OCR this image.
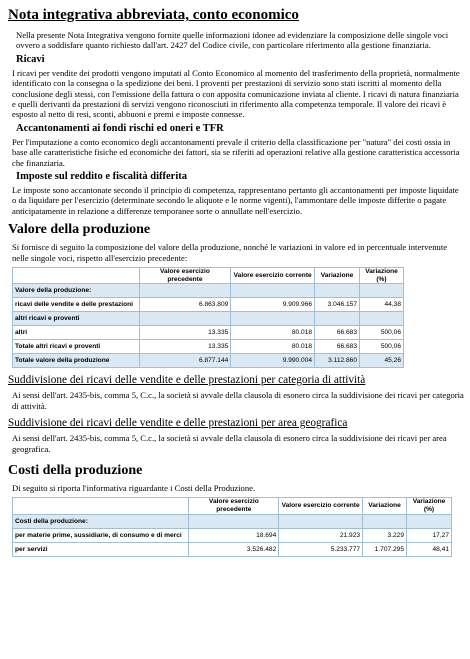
Nota integrativa abbreviata, conto economico

Nella presente Nota Integrativa vengono fornite quelle informazioni idonee ad evidenziare la composizione delle singole voci ovvero a soddisfare quanto richiesto dall'art. 2427 del Codice civile, con particolare riferimento alla gestione finanziaria.

Ricavi

I ricavi per vendite dei prodotti vengono imputati al Conto Economico al momento del trasferimento della proprietà, normalmente identificato con la consegna o la spedizione dei beni. I proventi per prestazioni di servizio sono stati iscritti al momento della conclusione degli stessi, con l'emissione della fattura o con apposita comunicazione inviata al cliente. I ricavi di natura finanziaria e quelli derivanti da prestazioni di servizi vengono riconosciuti in riferimento alla competenza temporale. Il valore dei ricavi è esposto al netto di resi, sconti, abbuoni e premi e imposte connesse.

Accantonamenti ai fondi rischi ed oneri e TFR

Per l'imputazione a conto economico degli accantonamenti prevale il criterio della classificazione per "natura" dei costi ossia in base alle caratteristiche fisiche ed economiche dei fattori, sia se riferiti ad operazioni relative alla gestione caratteristica accessoria che finanziaria.

Imposte sul reddito e fiscalità differita

Le imposte sono accantonate secondo il principio di competenza, rappresentano pertanto gli accantonamenti per imposte liquidate o da liquidare per l'esercizio (determinate secondo le aliquote e le norme vigenti), l'ammontare delle imposte differite o pagate anticipatamente in relazione a differenze temporanee sorte o annullate nell'esercizio.

Valore della produzione

Si fornisce di seguito la composizione del valore della produzione, nonché le variazioni in valore ed in percentuale intervenute nelle singole voci, rispetto all'esercizio precedente:

	Valore esercizio precedente	Valore esercizio corrente	Variazione	Variazione (%)
Valore della produzione:				
ricavi delle vendite e delle prestazioni	6.863.809	9.909.966	3.046.157	44,38
altri ricavi e proventi				
altri	13.335	80.018	66.683	500,06
Totale altri ricavi e proventi	13.335	80.018	66.683	500,06
Totale valore della produzione	6.877.144	9.990.004	3.112.860	45,26
Suddivisione dei ricavi delle vendite e delle prestazioni per categoria di attività

Ai sensi dell'art. 2435-bis, comma 5, C.c., la società si avvale della clausola di esonero circa la suddivisione dei ricavi per categoria di attività.

Suddivisione dei ricavi delle vendite e delle prestazioni per area geografica

Ai sensi dell'art. 2435-bis, comma 5, C.c., la società si avvale della clausola di esonero circa la suddivisione dei ricavi per area geografica.

Costi della produzione

Di seguito si riporta l'informativa riguardante i Costi della Produzione.

	Valore esercizio precedente	Valore esercizio corrente	Variazione	Variazione (%)
Costi della produzione:				
per materie prime, sussidiarie, di consumo e di merci	18.694	21.923	3.229	17,27
per servizi	3.526.482	5.233.777	1.707.295	48,41
